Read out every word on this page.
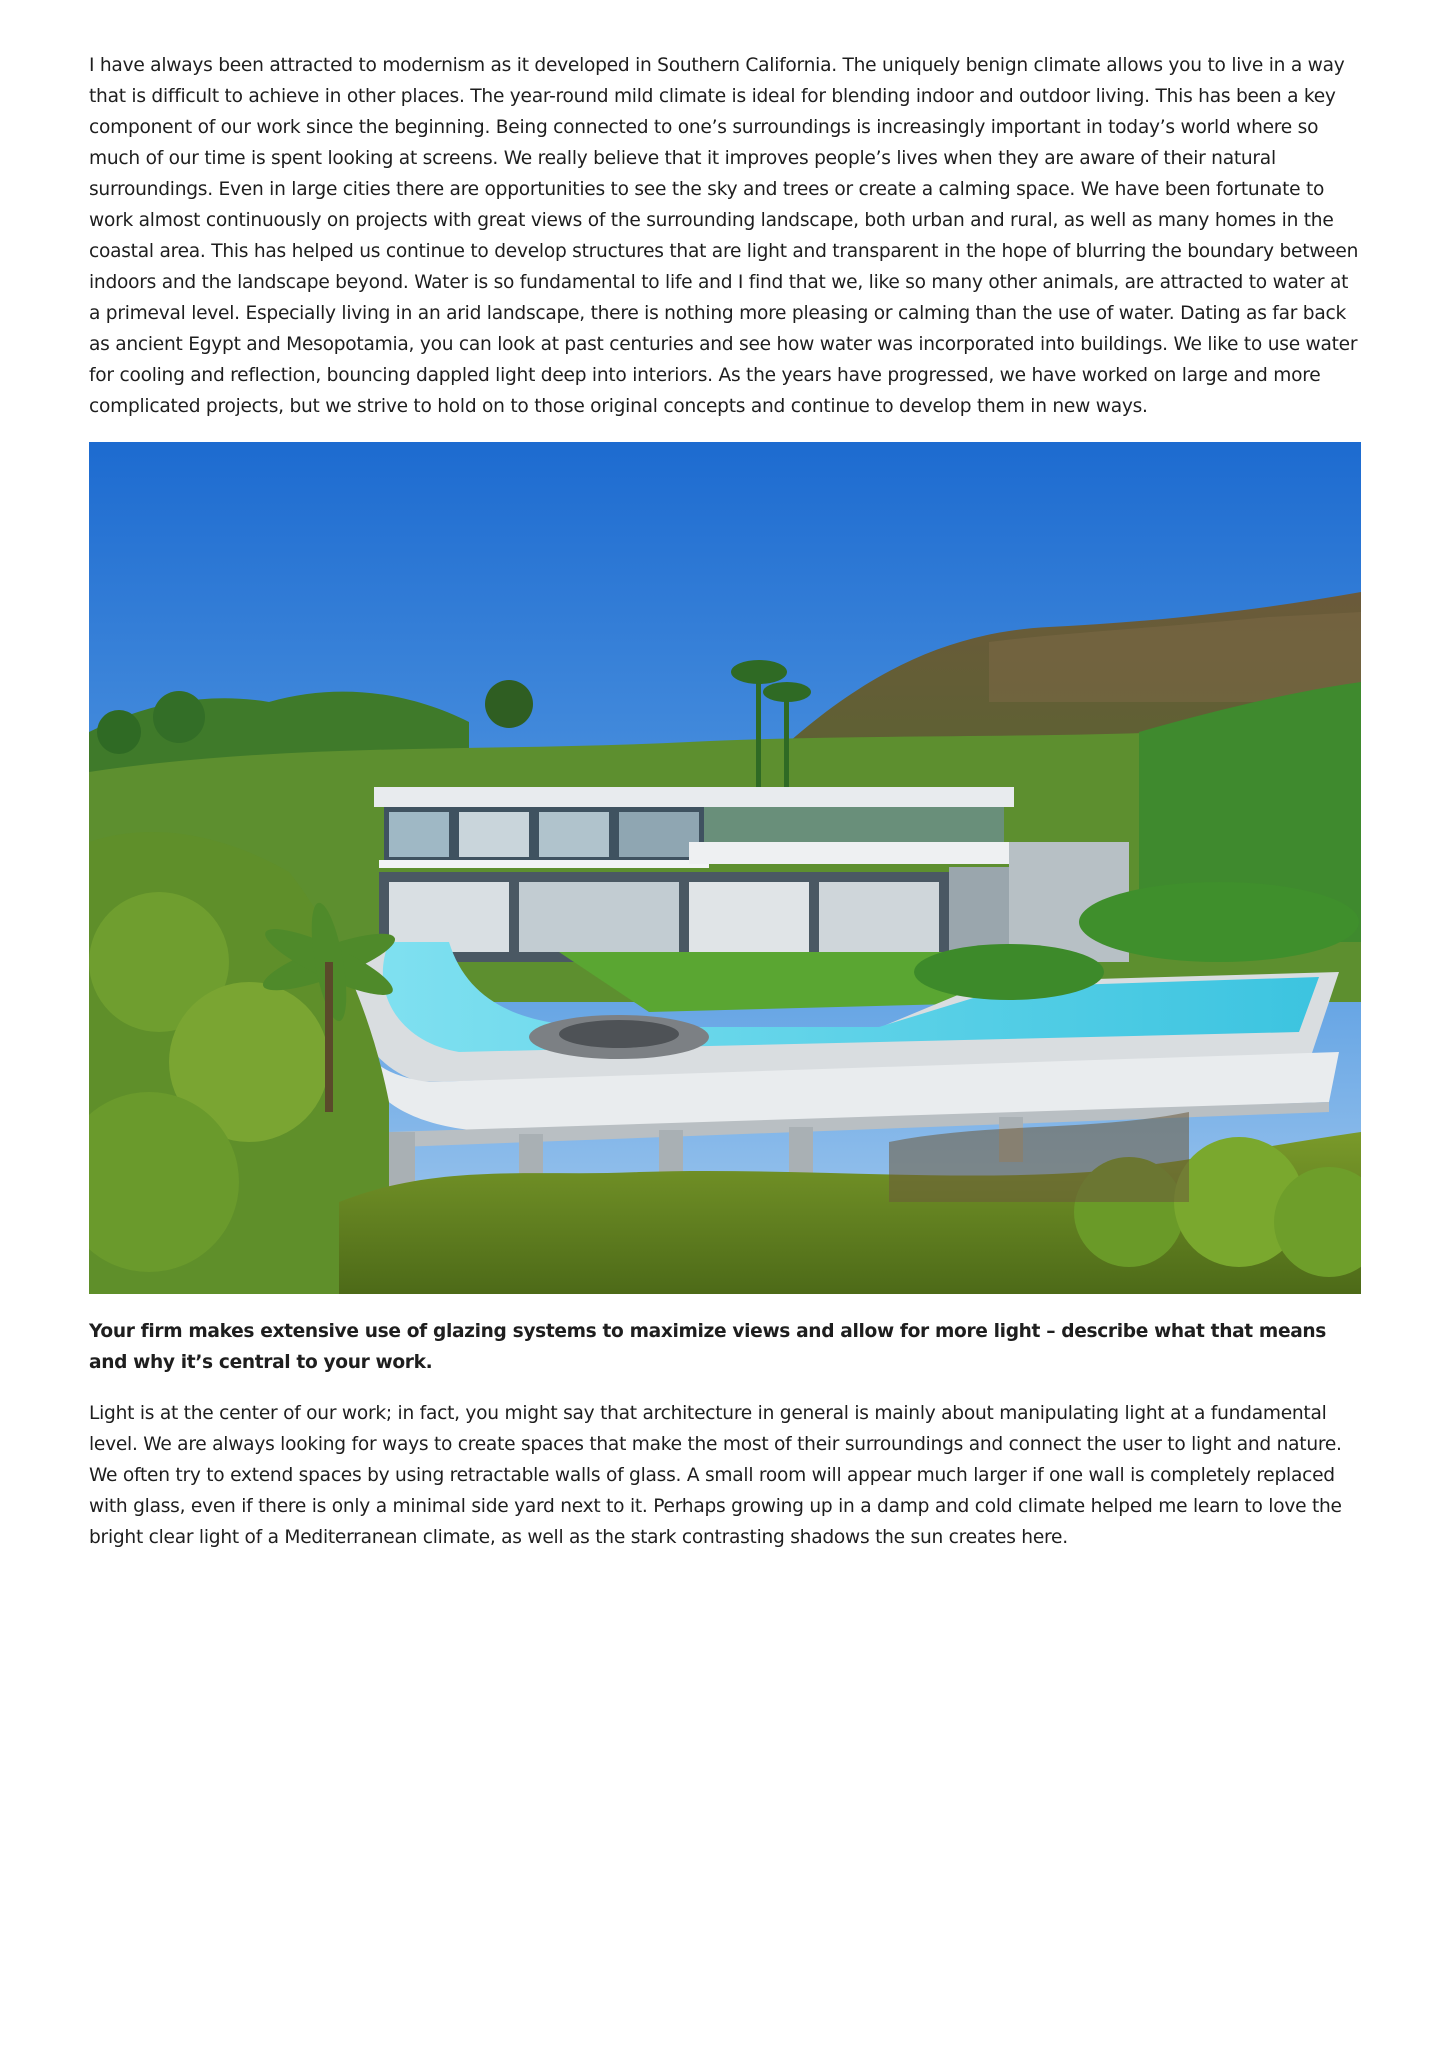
I have always been attracted to modernism as it developed in Southern California. The uniquely benign climate allows you to live in a way that is difficult to achieve in other places. The year-round mild climate is ideal for blending indoor and outdoor living. This has been a key component of our work since the beginning. Being connected to one’s surroundings is increasingly important in today’s world where so much of our time is spent looking at screens. We really believe that it improves people’s lives when they are aware of their natural surroundings. Even in large cities there are opportunities to see the sky and trees or create a calming space. We have been fortunate to work almost continuously on projects with great views of the surrounding landscape, both urban and rural, as well as many homes in the coastal area. This has helped us continue to develop structures that are light and transparent in the hope of blurring the boundary between indoors and the landscape beyond. Water is so fundamental to life and I find that we, like so many other animals, are attracted to water at a primeval level. Especially living in an arid landscape, there is nothing more pleasing or calming than the use of water. Dating as far back as ancient Egypt and Mesopotamia, you can look at past centuries and see how water was incorporated into buildings. We like to use water for cooling and reflection, bouncing dappled light deep into interiors. As the years have progressed, we have worked on large and more complicated projects, but we strive to hold on to those original concepts and continue to develop them in new ways.

Your firm makes extensive use of glazing systems to maximize views and allow for more light – describe what that means and why it’s central to your work.

Light is at the center of our work; in fact, you might say that architecture in general is mainly about manipulating light at a fundamental level. We are always looking for ways to create spaces that make the most of their surroundings and connect the user to light and nature. We often try to extend spaces by using retractable walls of glass. A small room will appear much larger if one wall is completely replaced with glass, even if there is only a minimal side yard next to it. Perhaps growing up in a damp and cold climate helped me learn to love the bright clear light of a Mediterranean climate, as well as the stark contrasting shadows the sun creates here.
